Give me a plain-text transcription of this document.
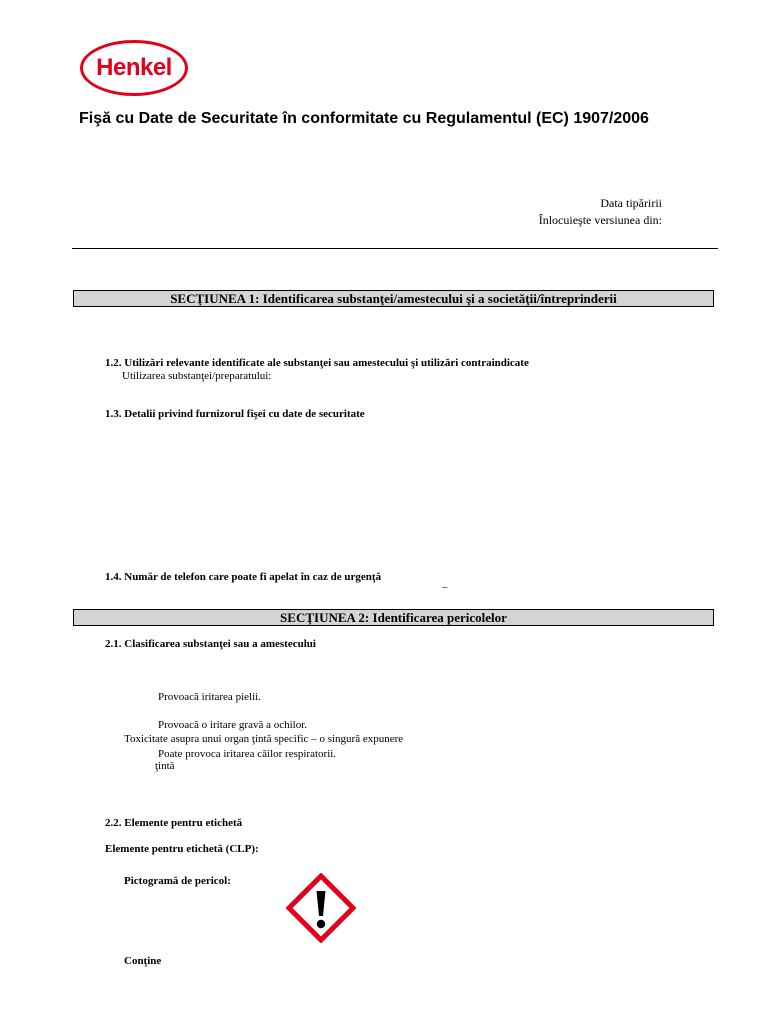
Henkel
Fişă cu Date de Securitate în conformitate cu Regulamentul (EC) 1907/2006
Data tipăririi
Înlocuieşte versiunea din:
SECŢIUNEA 1: Identificarea substanţei/amestecului şi a societăţii/întreprinderii
1.2. Utilizări relevante identificate ale substanţei sau amestecului şi utilizări contraindicate
Utilizarea substanţei/preparatului:
1.3. Detalii privind furnizorul fişei cu date de securitate
1.4. Număr de telefon care poate fi apelat în caz de urgenţă
–
SECŢIUNEA 2: Identificarea pericolelor
2.1. Clasificarea substanţei sau a amestecului
Provoacă iritarea pielii.
Provoacă o iritare gravă a ochilor.
Toxicitate asupra unui organ ţintă specific – o singură expunere
Poate provoca iritarea căilor respiratorii.
ţintă
2.2. Elemente pentru etichetă
Elemente pentru etichetă (CLP):
Pictogramă de pericol:
Conţine
